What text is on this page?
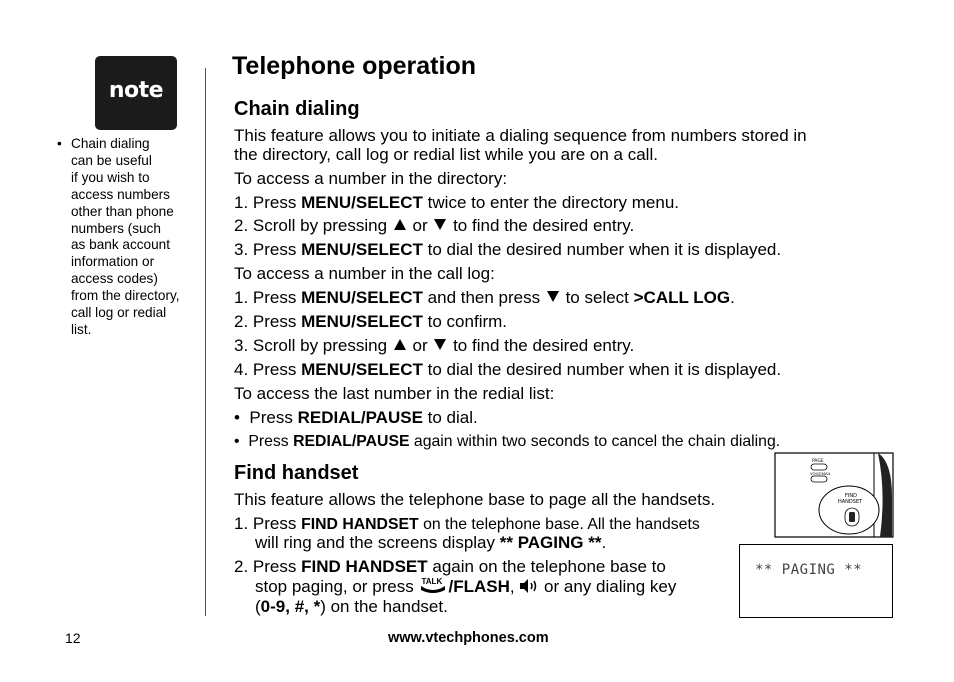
note
• Chain dialing
can be useful
if you wish to
access numbers
other than phone
numbers (such
as bank account
information or
access codes)
from the directory,
call log or redial
list.
Telephone operation
Chain dialing
This feature allows you to initiate a dialing sequence from numbers stored in
the directory, call log or redial list while you are on a call.
To access a number in the directory:
1. Press MENU/SELECT twice to enter the directory menu.
2. Scroll by pressing  or  to find the desired entry.
3. Press MENU/SELECT to dial the desired number when it is displayed.
To access a number in the call log:
1. Press MENU/SELECT and then press  to select >CALL LOG.
2. Press MENU/SELECT to confirm.
3. Scroll by pressing  or  to find the desired entry.
4. Press MENU/SELECT to dial the desired number when it is displayed.
To access the last number in the redial list:
• Press REDIAL/PAUSE to dial.
• Press REDIAL/PAUSE again within two seconds to cancel the chain dialing.
Find handset
This feature allows the telephone base to page all the handsets.
1. Press FIND HANDSET on the telephone base. All the handsets
will ring and the screens display ** PAGING **.
2. Press FIND HANDSET again on the telephone base to
stop paging, or press TALK /FLASH,  or any dialing key
(0-9, #, *) on the handset.
PAGE
VOICEMAIL
FIND
HANDSET
** PAGING **
12	www.vtechphones.com
